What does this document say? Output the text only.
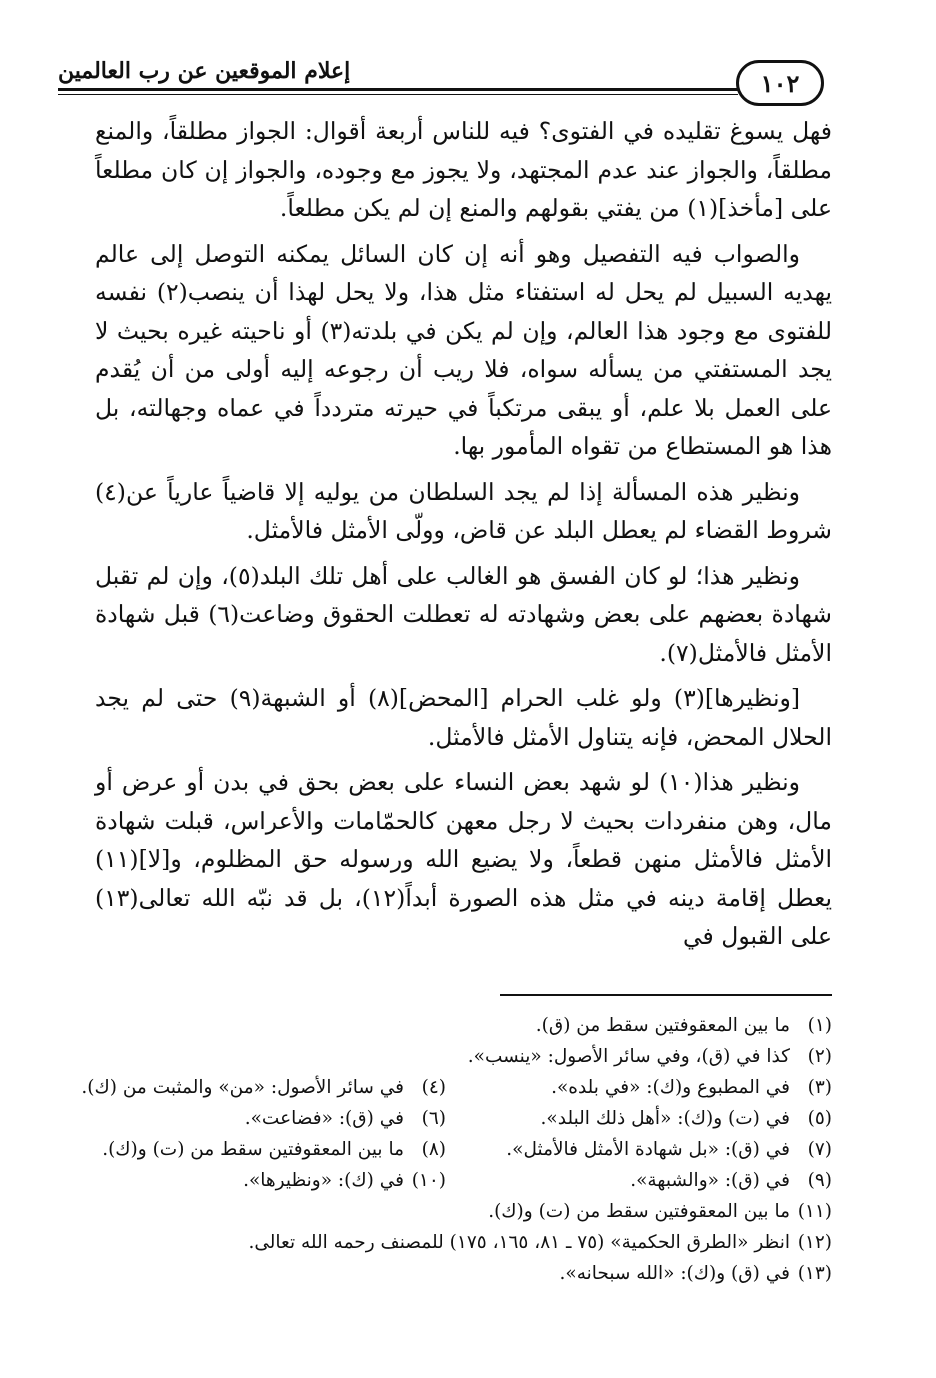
١٠٢
إعلام الموقعين عن رب العالمين

فهل يسوغ تقليده في الفتوى؟ فيه للناس أربعة أقوال: الجواز مطلقاً، والمنع مطلقاً، والجواز عند عدم المجتهد، ولا يجوز مع وجوده، والجواز إن كان مطلعاً على [مأخذ](١) من يفتي بقولهم والمنع إن لم يكن مطلعاً.

والصواب فيه التفصيل وهو أنه إن كان السائل يمكنه التوصل إلى عالم يهديه السبيل لم يحل له استفتاء مثل هذا، ولا يحل لهذا أن ينصب(٢) نفسه للفتوى مع وجود هذا العالم، وإن لم يكن في بلدته(٣) أو ناحيته غيره بحيث لا يجد المستفتي من يسأله سواه، فلا ريب أن رجوعه إليه أولى من أن يُقدم على العمل بلا علم، أو يبقى مرتكباً في حيرته متردداً في عماه وجهالته، بل هذا هو المستطاع من تقواه المأمور بها.

ونظير هذه المسألة إذا لم يجد السلطان من يوليه إلا قاضياً عارياً عن(٤) شروط القضاء لم يعطل البلد عن قاض، وولّى الأمثل فالأمثل.

ونظير هذا؛ لو كان الفسق هو الغالب على أهل تلك البلد(٥)، وإن لم تقبل شهادة بعضهم على بعض وشهادته له تعطلت الحقوق وضاعت(٦) قبل شهادة الأمثل فالأمثل(٧).

[ونظيرها](٣) ولو غلب الحرام [المحض](٨) أو الشبهة(٩) حتى لم يجد الحلال المحض، فإنه يتناول الأمثل فالأمثل.

ونظير هذا(١٠) لو شهد بعض النساء على بعض بحق في بدن أو عرض أو مال، وهن منفردات بحيث لا رجل معهن كالحمّامات والأعراس، قبلت شهادة الأمثل فالأمثل منهن قطعاً، ولا يضيع الله ورسوله حق المظلوم، و[لا](١١) يعطل إقامة دينه في مثل هذه الصورة أبداً(١٢)، بل قد نبّه الله تعالى(١٣) على القبول في

(١)ما بين المعقوفتين سقط من (ق).
(٢)كذا في (ق)، وفي سائر الأصول: «ينسب».
(٣)في المطبوع و(ك): «في بلده».
(٤)في سائر الأصول: «من» والمثبت من (ك).
(٥)في (ت) و(ك): «أهل ذلك البلد».
(٦)في (ق): «فضاعت».
(٧)في (ق): «بل شهادة الأمثل فالأمثل».
(٨)ما بين المعقوفتين سقط من (ت) و(ك).
(٩)في (ق): «والشبهة».
(١٠)في (ك): «ونظيرها».
(١١)ما بين المعقوفتين سقط من (ت) و(ك).
(١٢)انظر «الطرق الحكمية» (٧٥ ـ ٨١، ١٦٥، ١٧٥) للمصنف رحمه الله تعالى.
(١٣)في (ق) و(ك): «الله سبحانه».
